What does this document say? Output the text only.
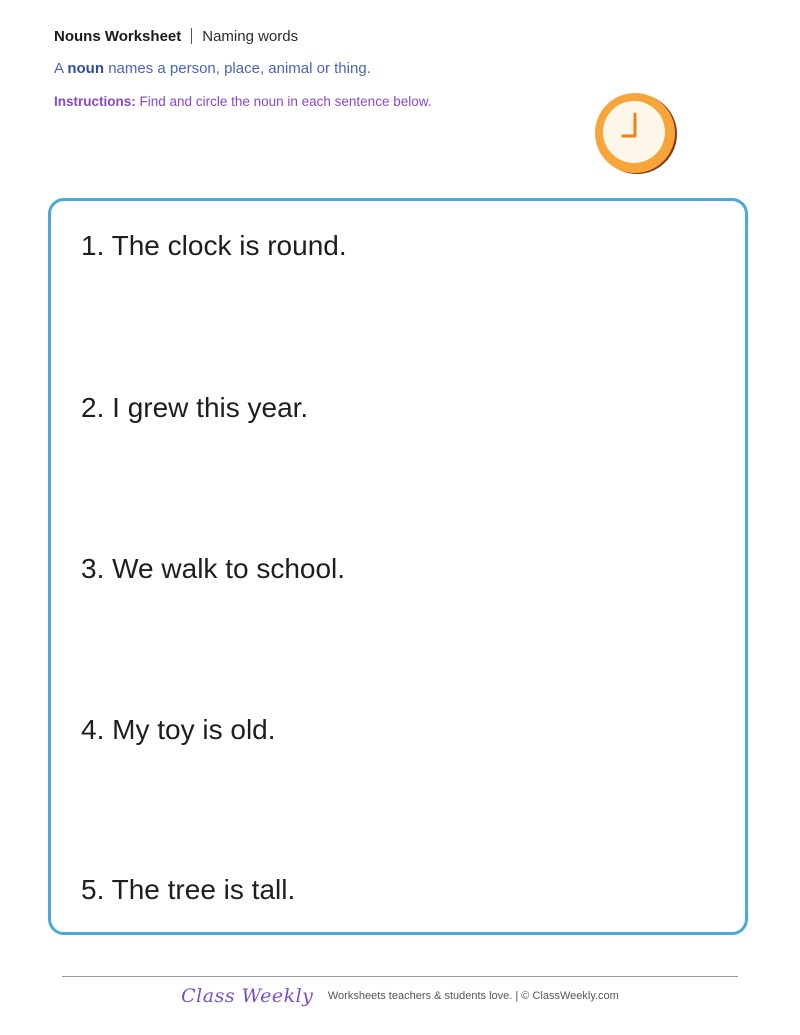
Nouns Worksheet Naming words
A noun names a person, place, animal or thing.
Instructions: Find and circle the noun in each sentence below.
1. The clock is round.
2. I grew this year.
3. We walk to school.
4. My toy is old.
5. The tree is tall.
Class Weekly Worksheets teachers & students love. | © ClassWeekly.com
